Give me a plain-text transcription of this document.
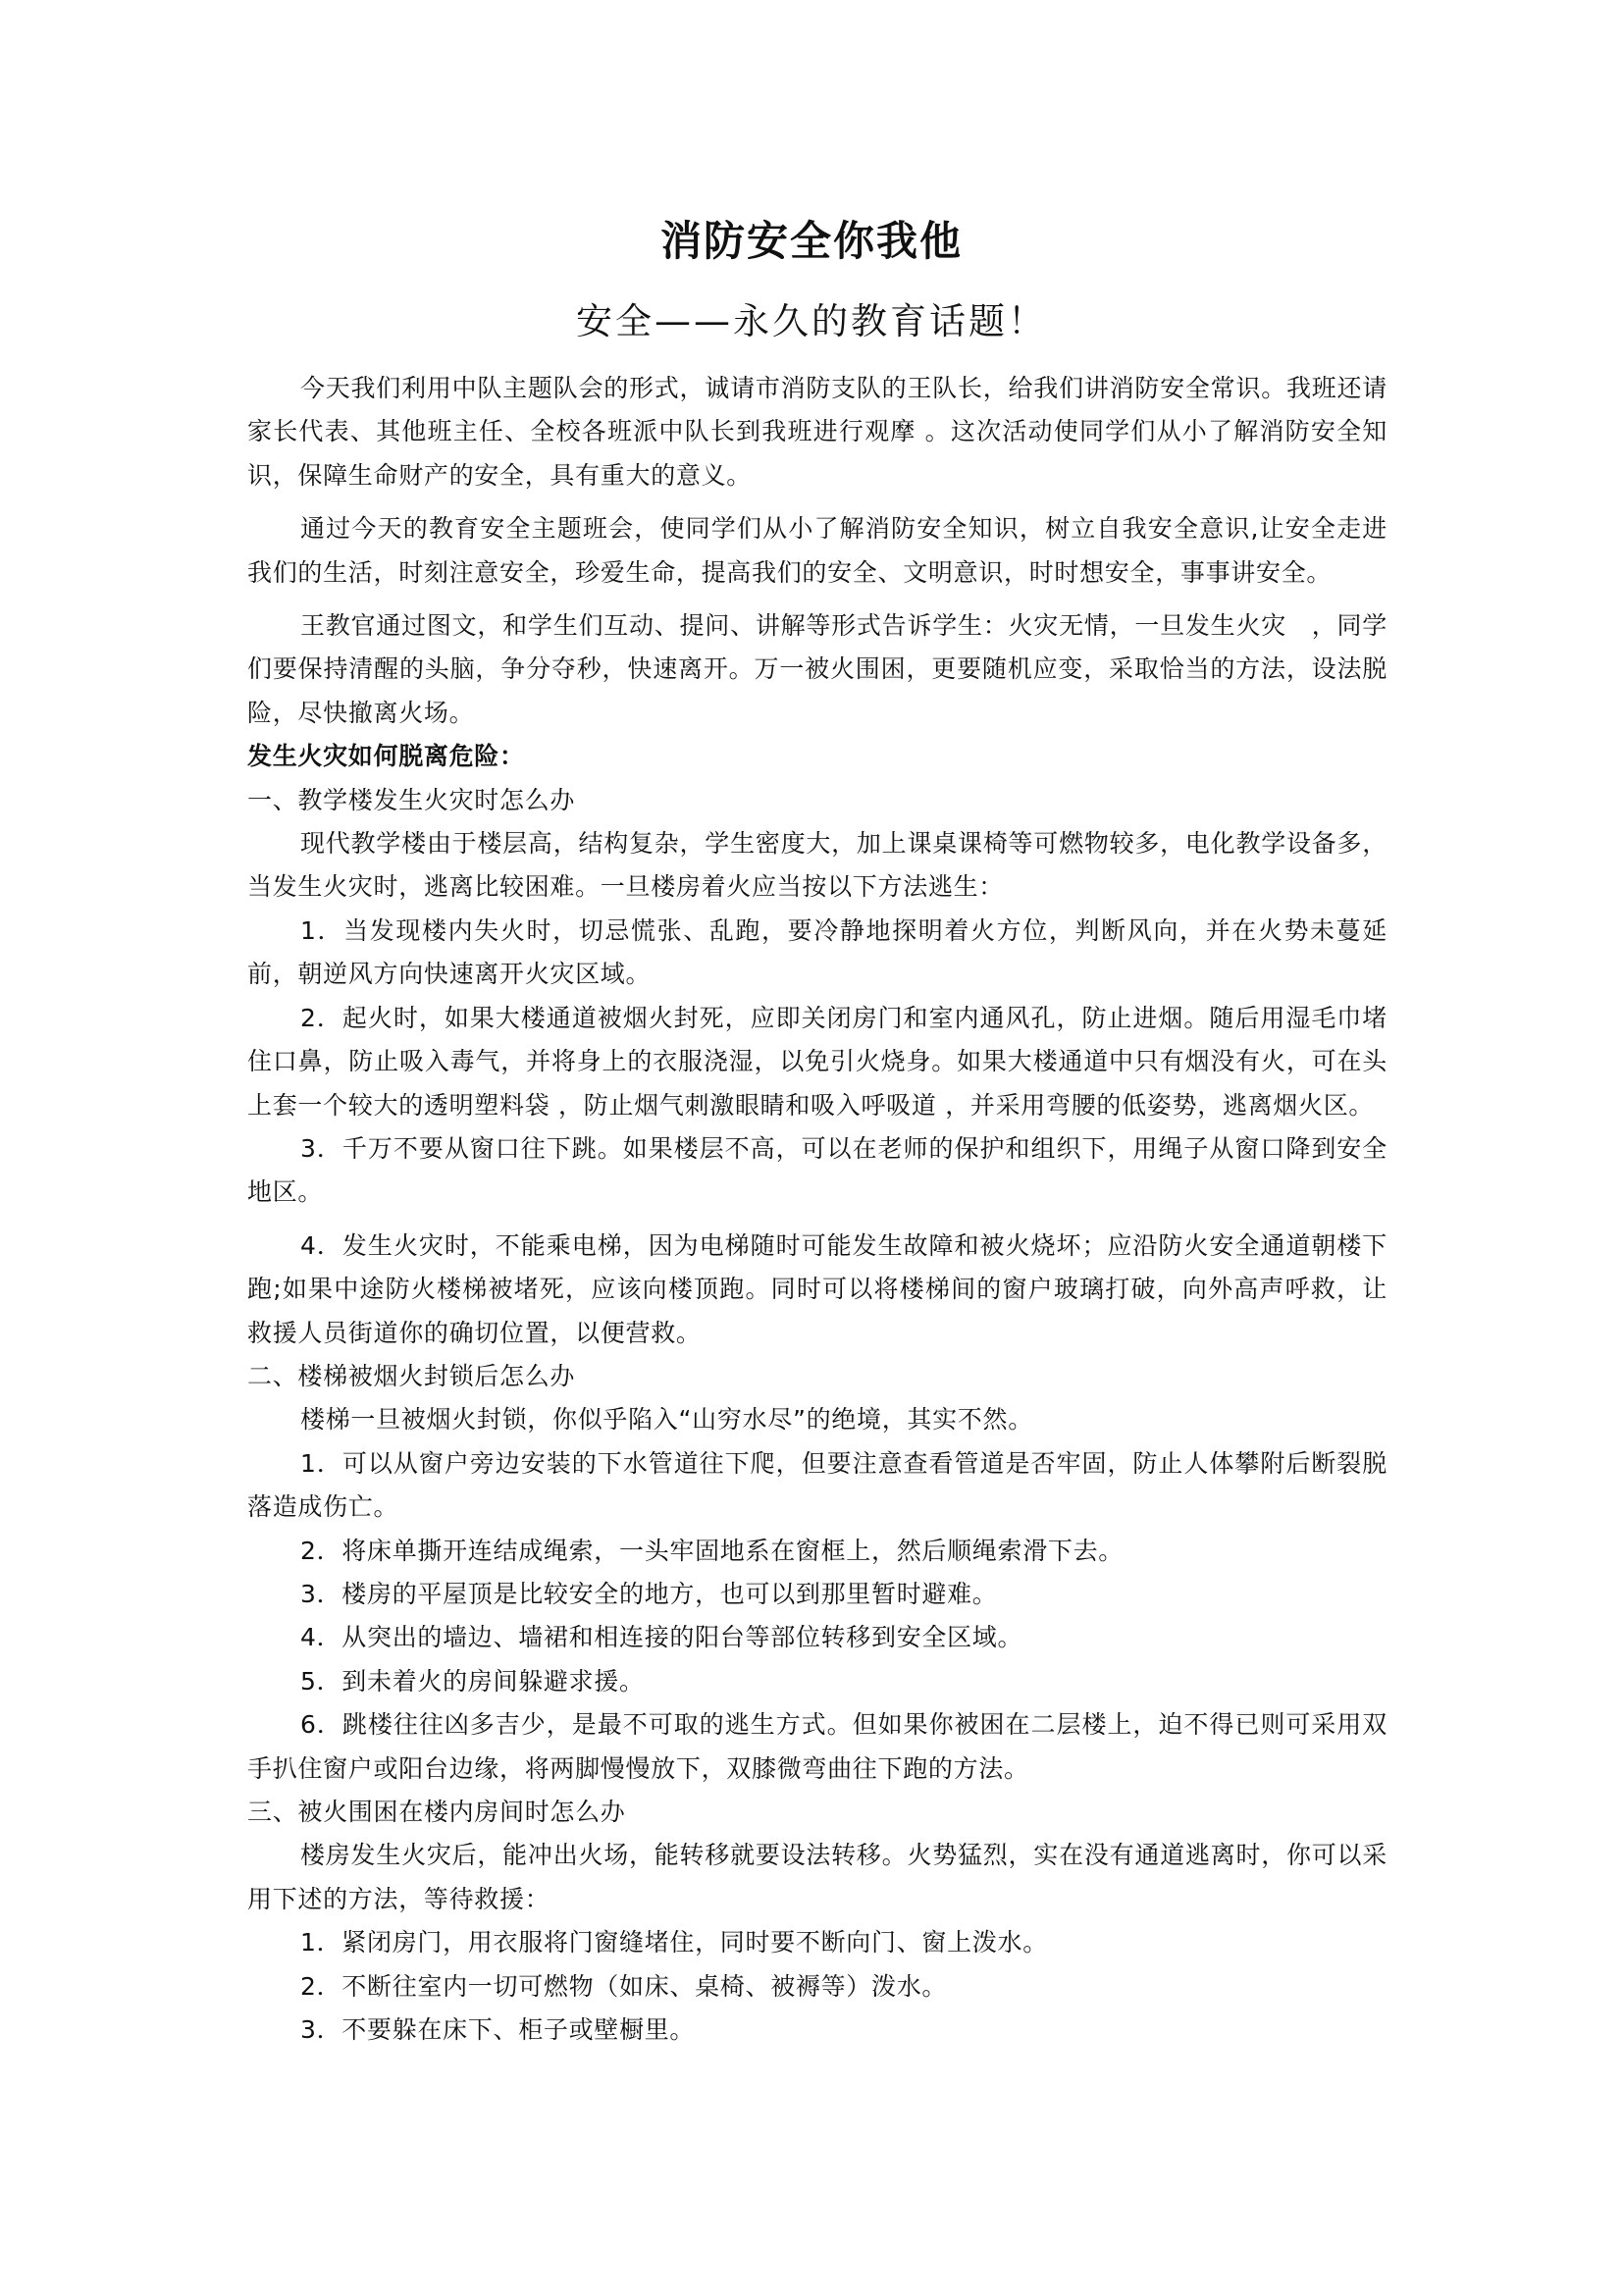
消防安全你我他
安全——永久的教育话题！

今天我们利用中队主题队会的形式，诚请市消防支队的王队长，给我们讲消防安全常识。我班还请家长代表、其他班主任、全校各班派中队长到我班进行观摩 。这次活动使同学们从小了解消防安全知识，保障生命财产的安全，具有重大的意义。

通过今天的教育安全主题班会，使同学们从小了解消防安全知识，树立自我安全意识,让安全走进我们的生活，时刻注意安全，珍爱生命，提高我们的安全、文明意识，时时想安全，事事讲安全。

王教官通过图文，和学生们互动、提问、讲解等形式告诉学生：火灾无情，一旦发生火灾　，同学们要保持清醒的头脑，争分夺秒，快速离开。万一被火围困，更要随机应变，采取恰当的方法，设法脱险，尽快撤离火场。

发生火灾如何脱离危险：

一、教学楼发生火灾时怎么办

现代教学楼由于楼层高，结构复杂，学生密度大，加上课桌课椅等可燃物较多，电化教学设备多，当发生火灾时，逃离比较困难。一旦楼房着火应当按以下方法逃生：

1．当发现楼内失火时，切忌慌张、乱跑，要冷静地探明着火方位，判断风向，并在火势未蔓延前，朝逆风方向快速离开火灾区域。

2．起火时，如果大楼通道被烟火封死，应即关闭房门和室内通风孔，防止进烟。随后用湿毛巾堵住口鼻，防止吸入毒气，并将身上的衣服浇湿，以免引火烧身。如果大楼通道中只有烟没有火，可在头上套一个较大的透明塑料袋 ，防止烟气刺激眼睛和吸入呼吸道 ，并采用弯腰的低姿势，逃离烟火区。

3．千万不要从窗口往下跳。如果楼层不高，可以在老师的保护和组织下，用绳子从窗口降到安全地区。

4．发生火灾时，不能乘电梯，因为电梯随时可能发生故障和被火烧坏；应沿防火安全通道朝楼下跑;如果中途防火楼梯被堵死，应该向楼顶跑。同时可以将楼梯间的窗户玻璃打破，向外高声呼救，让救援人员街道你的确切位置，以便营救。

二、楼梯被烟火封锁后怎么办

楼梯一旦被烟火封锁，你似乎陷入“山穷水尽”的绝境，其实不然。

1．可以从窗户旁边安装的下水管道往下爬，但要注意查看管道是否牢固，防止人体攀附后断裂脱落造成伤亡。

2．将床单撕开连结成绳索，一头牢固地系在窗框上，然后顺绳索滑下去。

3．楼房的平屋顶是比较安全的地方，也可以到那里暂时避难。

4．从突出的墙边、墙裙和相连接的阳台等部位转移到安全区域。

5．到未着火的房间躲避求援。

6．跳楼往往凶多吉少，是最不可取的逃生方式。但如果你被困在二层楼上，迫不得已则可采用双手扒住窗户或阳台边缘，将两脚慢慢放下，双膝微弯曲往下跑的方法。

三、被火围困在楼内房间时怎么办

楼房发生火灾后，能冲出火场，能转移就要设法转移。火势猛烈，实在没有通道逃离时，你可以采用下述的方法，等待救援：

1．紧闭房门，用衣服将门窗缝堵住，同时要不断向门、窗上泼水。

2．不断往室内一切可燃物（如床、桌椅、被褥等）泼水。

3．不要躲在床下、柜子或壁橱里。
